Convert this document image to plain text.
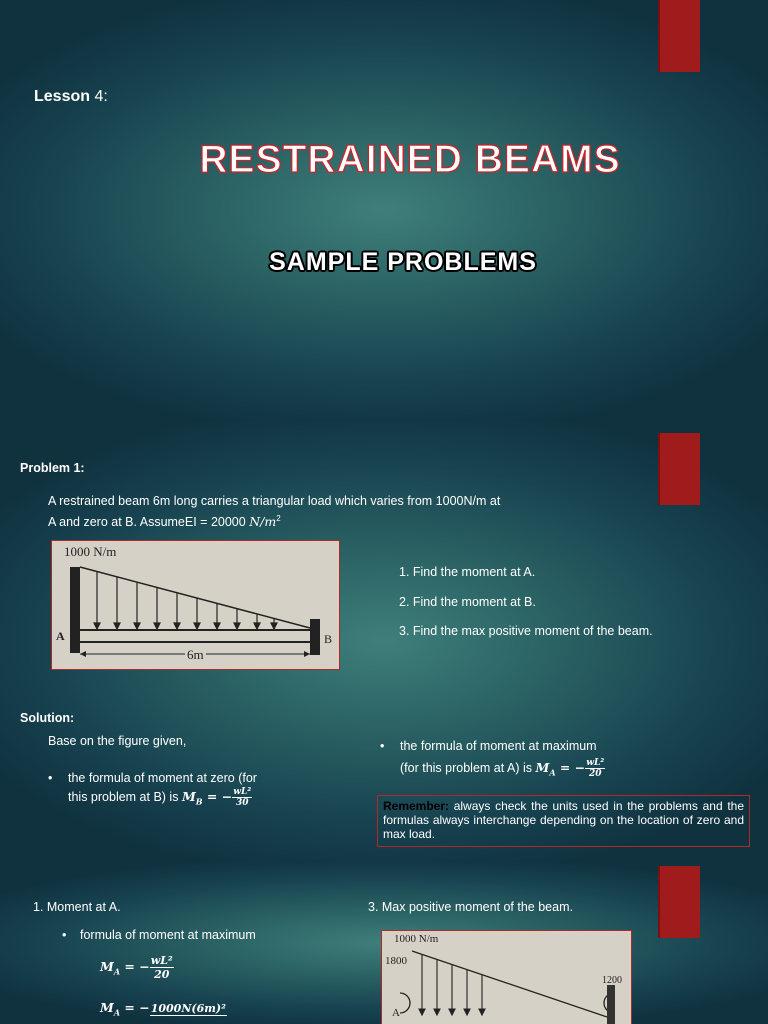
Lesson 4:
RESTRAINED BEAMS
SAMPLE PROBLEMS
Problem 1:
A restrained beam 6m long carries a triangular load which varies from 1000N/m at
A and zero at B. AssumeEI = 20000 $N/m^2$
1000 N/m
A	B
6m
1. Find the moment at A.
2. Find the moment at B.
3. Find the max positive moment of the beam.
Solution:
Base on the figure given,
• the formula of moment at zero (for
this problem at B) is $M_B$ = − $\frac{\text{wL²}}{30}$
• the formula of moment at maximum
(for this problem at A) is $M_A$ = − $\frac{\text{wL²}}{20}$
Remember: always check the units used in the problems and the formulas always interchange depending on the location of zero and max load.
1. Moment at A.
• formula of moment at maximum
$M_A$ = − $\frac{\text{wL²}}{20}$
$M_A$ = − 1000N(6m)²
3. Max positive moment of the beam.
1000 N/m
1800
1200
A
